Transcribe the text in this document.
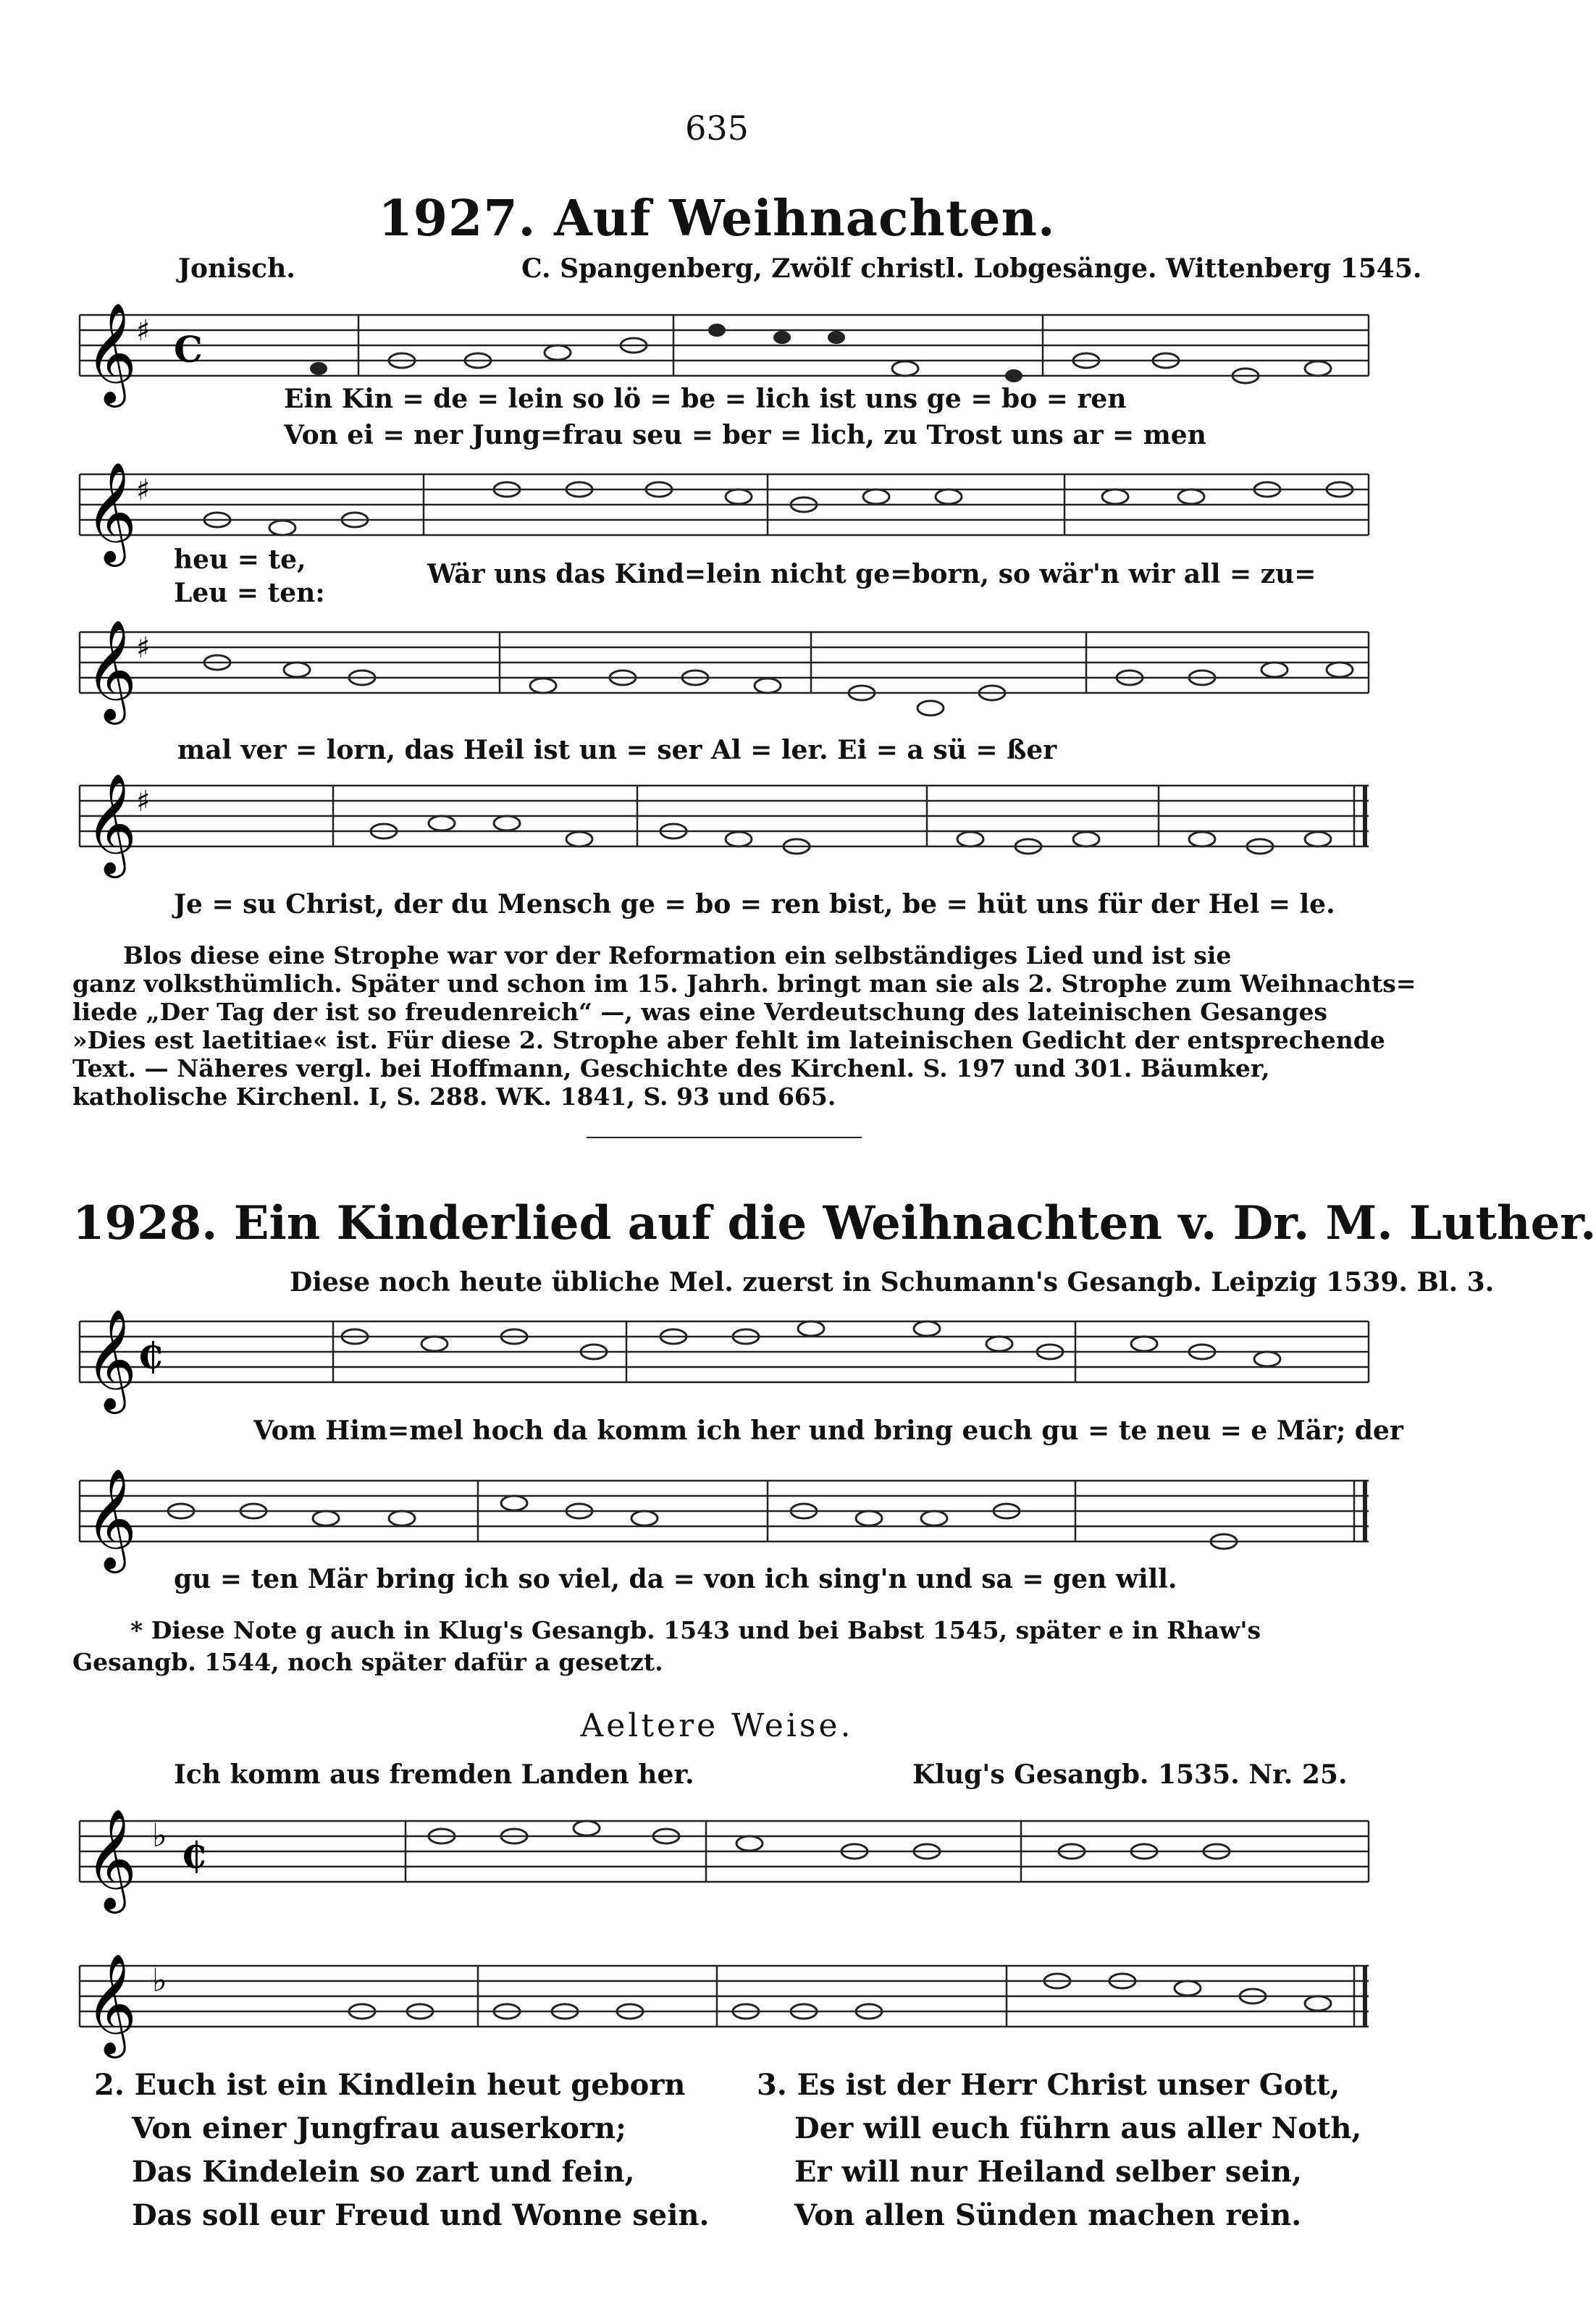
635
1927. Auf Weihnachten.
Jonisch.	C. Spangenberg, Zwölf christl. Lobgesänge. Wittenberg 1545.
𝄞 ♯ C
Ein Kin = de = lein so lö = be = lich ist uns ge = bo = ren
Von ei = ner Jung=frau seu = ber = lich, zu Trost uns ar = men
𝄞 ♯
heu = te,
Leu = ten:
Wär uns das Kind=lein nicht ge=born, so wär'n wir all = zu=
𝄞 ♯
mal ver = lorn, das Heil ist un = ser Al = ler. Ei = a sü = ßer
𝄞 ♯
Je = su Christ, der du Mensch ge = bo = ren bist, be = hüt uns für der Hel = le.
Blos diese eine Strophe war vor der Reformation ein selbständiges Lied und ist sie
ganz volksthümlich. Später und schon im 15. Jahrh. bringt man sie als 2. Strophe zum Weihnachts=
liede „Der Tag der ist so freudenreich“ —, was eine Verdeutschung des lateinischen Gesanges
»Dies est laetitiae« ist. Für diese 2. Strophe aber fehlt im lateinischen Gedicht der entsprechende
Text. — Näheres vergl. bei Hoffmann, Geschichte des Kirchenl. S. 197 und 301. Bäumker,
katholische Kirchenl. I, S. 288. WK. 1841, S. 93 und 665.
1928. Ein Kinderlied auf die Weihnachten v. Dr. M. Luther.
Diese noch heute übliche Mel. zuerst in Schumann's Gesangb. Leipzig 1539. Bl. 3.
𝄞 ₵
Vom Him=mel hoch da komm ich her und bring euch gu = te neu = e Mär; der
𝄞
gu = ten Mär bring ich so viel, da = von ich sing'n und sa = gen will.
* Diese Note g auch in Klug's Gesangb. 1543 und bei Babst 1545, später e in Rhaw's
Gesangb. 1544, noch später dafür a gesetzt.
Aeltere Weise.
Ich komm aus fremden Landen her.	Klug's Gesangb. 1535. Nr. 25.
𝄞 ♭ ₵
𝄞 ♭
2. Euch ist ein Kindlein heut geborn
Von einer Jungfrau auserkorn;
Das Kindelein so zart und fein,
Das soll eur Freud und Wonne sein.
3. Es ist der Herr Christ unser Gott,
Der will euch führn aus aller Noth,
Er will nur Heiland selber sein,
Von allen Sünden machen rein.
